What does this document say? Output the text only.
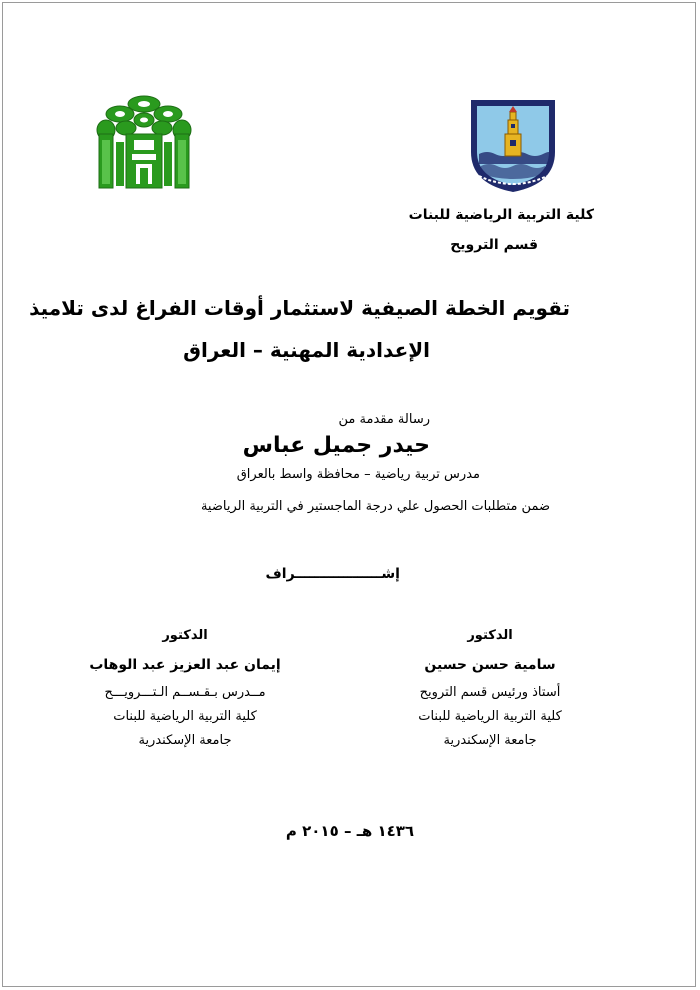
كلية التربية الرياضية للبنات
قسم الترويح
تقويم الخطة الصيفية لاستثمار أوقات الفراغ لدى تلاميذ
الإعدادية المهنية – العراق
رسالة مقدمة من
حيدر جميل عباس
مدرس تربية رياضية – محافظة واسط بالعراق
ضمن متطلبات الحصول علي درجة الماجستير في التربية الرياضية
إشــــــــــــــــــراف
الدكتور
سامية حسن حسين
أستاذ ورئيس قسم الترويح
كلية التربية الرياضية للبنات
جامعة الإسكندرية
الدكتور
إيمان عبد العزيز عبد الوهاب
مــدرس بـقـســم الـتـــرويـــح
كلية التربية الرياضية للبنات
جامعة الإسكندرية
١٤٣٦ هـ – ٢٠١٥ م
